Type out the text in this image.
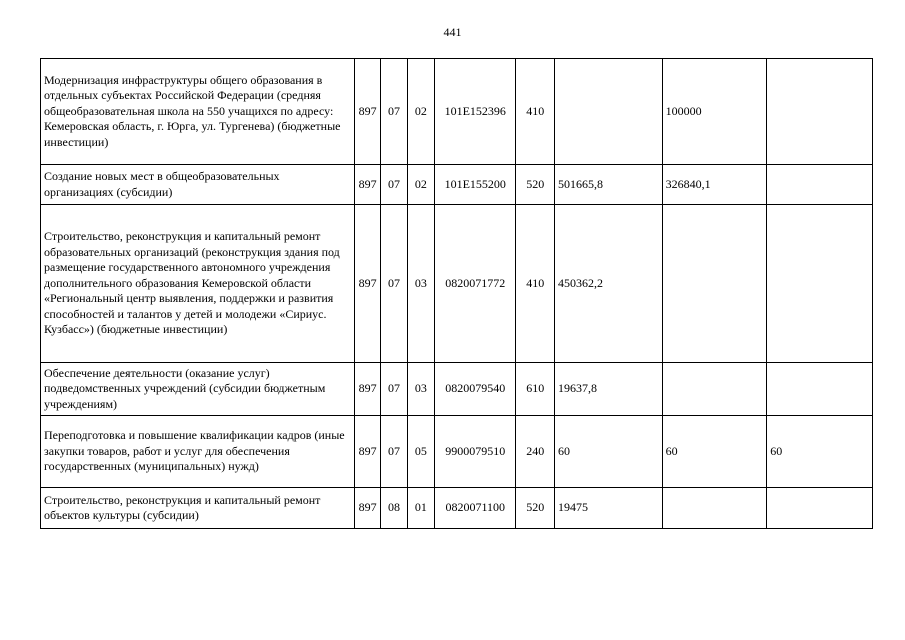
441
Модернизация инфраструктуры общего образования в отдельных субъектах Российской Федерации (средняя общеобразовательная школа на 550 учащихся по адресу: Кемеровская область, г. Юрга, ул. Тургенева) (бюджетные инвестиции)	897	07	02	101E152396	410		100000	
Создание новых мест в общеобразовательных организациях (субсидии)	897	07	02	101E155200	520	501665,8	326840,1	
Строительство, реконструкция и капитальный ремонт образовательных организаций (реконструкция здания под размещение государственного автономного учреждения дополнительного образования Кемеровской области «Региональный центр выявления, поддержки и развития способностей и талантов у детей и молодежи «Сириус. Кузбасс») (бюджетные инвестиции)	897	07	03	0820071772	410	450362,2		
Обеспечение деятельности (оказание услуг) подведомственных учреждений (субсидии бюджетным учреждениям)	897	07	03	0820079540	610	19637,8		
Переподготовка и повышение квалификации кадров (иные закупки товаров, работ и услуг для обеспечения государственных (муниципальных) нужд)	897	07	05	9900079510	240	60	60	60
Строительство, реконструкция и капитальный ремонт объектов культуры (субсидии)	897	08	01	0820071100	520	19475		
